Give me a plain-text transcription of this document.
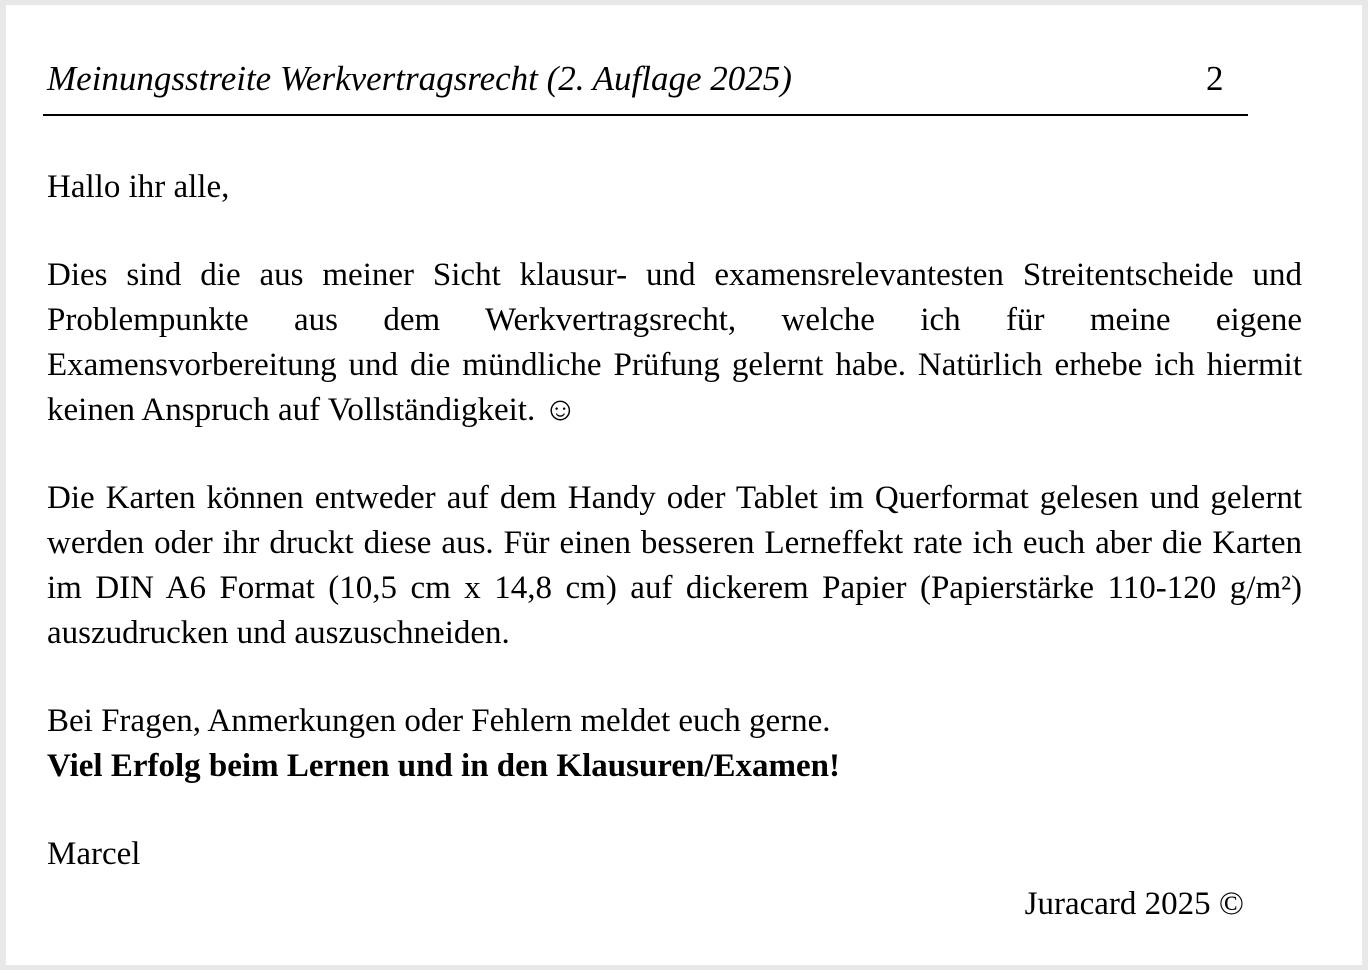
Meinungsstreite Werkvertragsrecht (2. Auflage 2025)	2

Hallo ihr alle,

Dies sind die aus meiner Sicht klausur- und examensrelevantesten Streitentscheide und Problempunkte aus dem Werkvertragsrecht, welche ich für meine eigene Examensvorbereitung und die mündliche Prüfung gelernt habe. Natürlich erhebe ich hiermit keinen Anspruch auf Vollständigkeit. ☺

Die Karten können entweder auf dem Handy oder Tablet im Querformat gelesen und gelernt werden oder ihr druckt diese aus. Für einen besseren Lerneffekt rate ich euch aber die Karten im DIN A6 Format (10,5 cm x 14,8 cm) auf dickerem Papier (Papierstärke 110-120 g/m²) auszudrucken und auszuschneiden.

Bei Fragen, Anmerkungen oder Fehlern meldet euch gerne.

Viel Erfolg beim Lernen und in den Klausuren/Examen!

Marcel

Juracard 2025 ©
